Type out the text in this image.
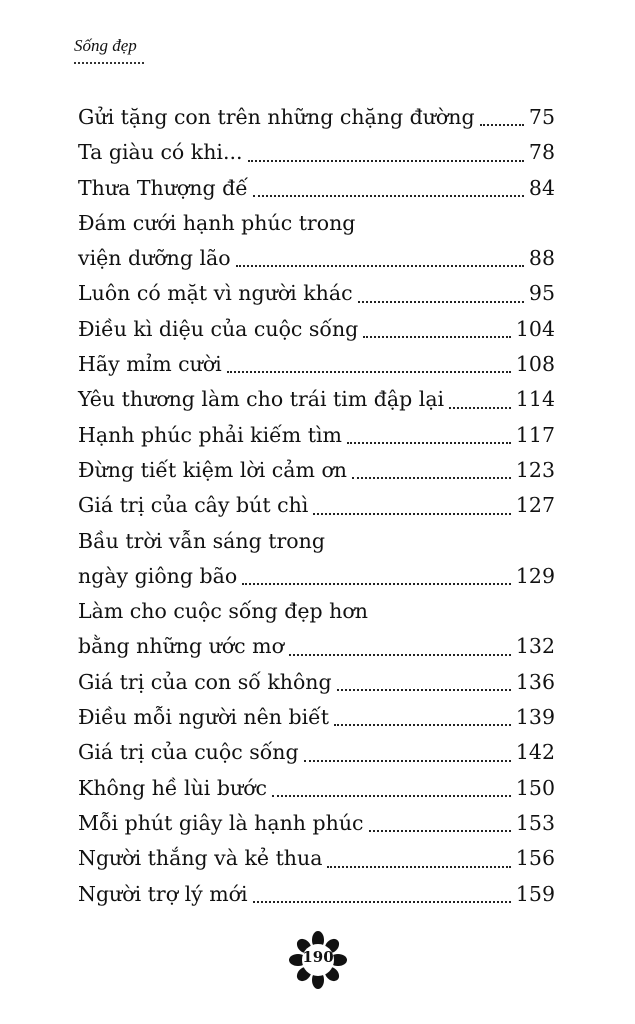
Sống đẹp
Gửi tặng con trên những chặng đường	75
Ta giàu có khi...	78
Thưa Thượng đế	84
Đám cưới hạnh phúc trong
viện dưỡng lão	88
Luôn có mặt vì người khác	95
Điều kì diệu của cuộc sống	104
Hãy mỉm cười	108
Yêu thương làm cho trái tim đập lại	114
Hạnh phúc phải kiếm tìm	117
Đừng tiết kiệm lời cảm ơn	123
Giá trị của cây bút chì	127
Bầu trời vẫn sáng trong
ngày giông bão	129
Làm cho cuộc sống đẹp hơn
bằng những ước mơ	132
Giá trị của con số không	136
Điều mỗi người nên biết	139
Giá trị của cuộc sống	142
Không hề lùi bước	150
Mỗi phút giây là hạnh phúc	153
Người thắng và kẻ thua	156
Người trợ lý mới	159
190
